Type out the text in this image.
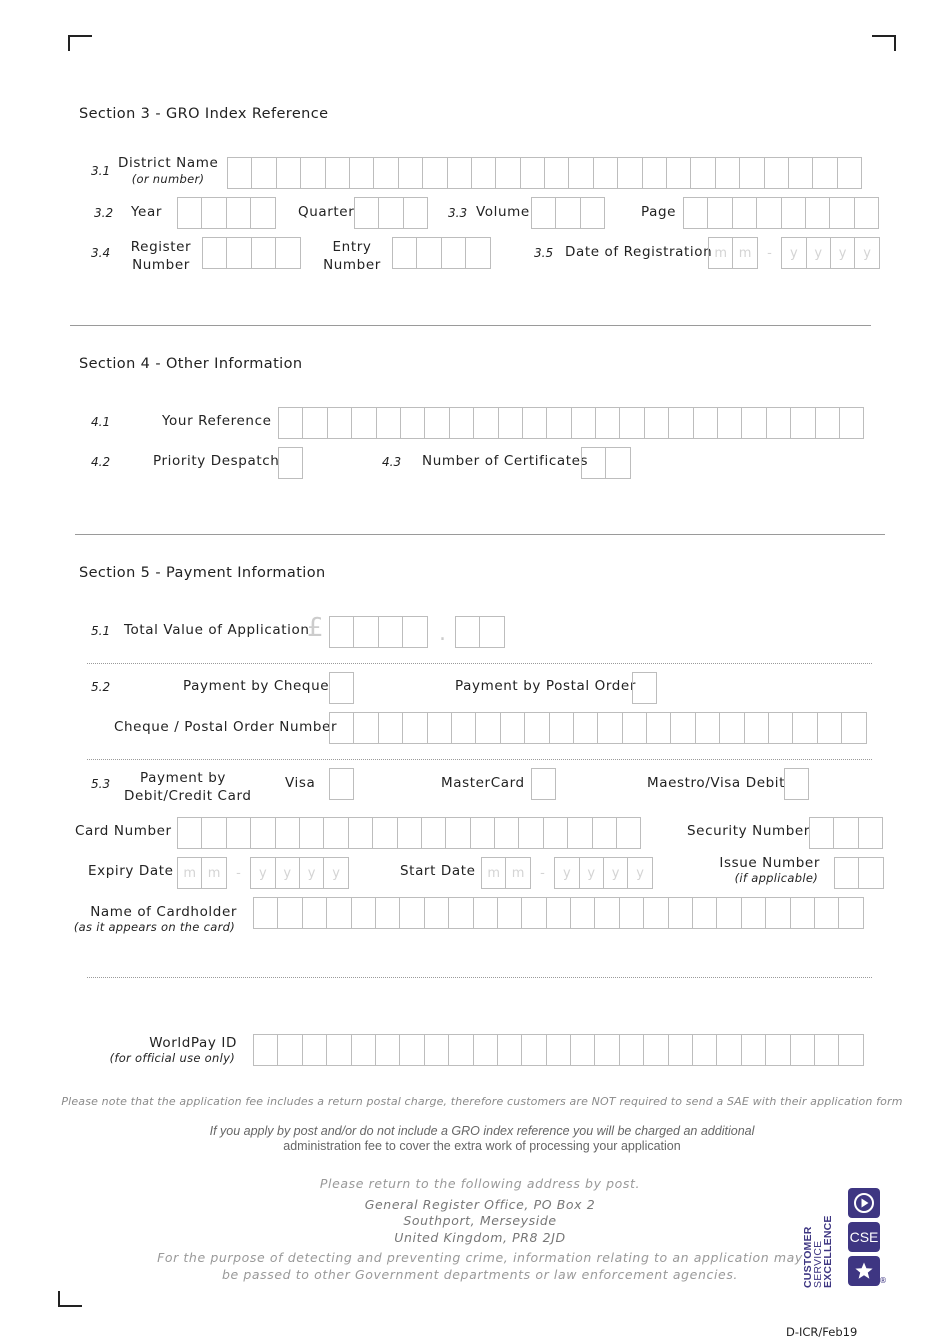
Section 3 - GRO Index Reference
3.1 District Name
(or number)
3.2 Year	Quarter	3.3 Volume	Page
3.4	Register
Number
Entry
Number
3.5 Date of Registration m m	-	y	y	y	y
Section 4 - Other Information
4.1	Your Reference
4.2	Priority Despatch	4.3 Number of Certificates
Section 5 - Payment Information
5.1 Total Value of Application
£	.
5.2	Payment by Cheque	Payment by Postal Order
Cheque / Postal Order Number
5.3	Payment by
Debit/Credit Card
Visa	MasterCard	Maestro/Visa Debit
Card Number	Security Number
Expiry Date m m	-	y	y	y	y	Start Date m m	-	y	y	y	y
Issue Number
(if applicable)
Name of Cardholder
(as it appears on the card)
WorldPay ID
(for official use only)
Please note that the application fee includes a return postal charge, therefore customers are NOT required to send a SAE with their application form
If you apply by post and/or do not include a GRO index reference you will be charged an additional
administration fee to cover the extra work of processing your application
Please return to the following address by post.
General Register Office, PO Box 2
Southport, Merseyside
United Kingdom, PR8 2JD
For the purpose of detecting and preventing crime, information relating to an application may
be passed to other Government departments or law enforcement agencies.	CUSTOMER
SERVICE
EXCELLENCE CSE
®
D-ICR/Feb19
